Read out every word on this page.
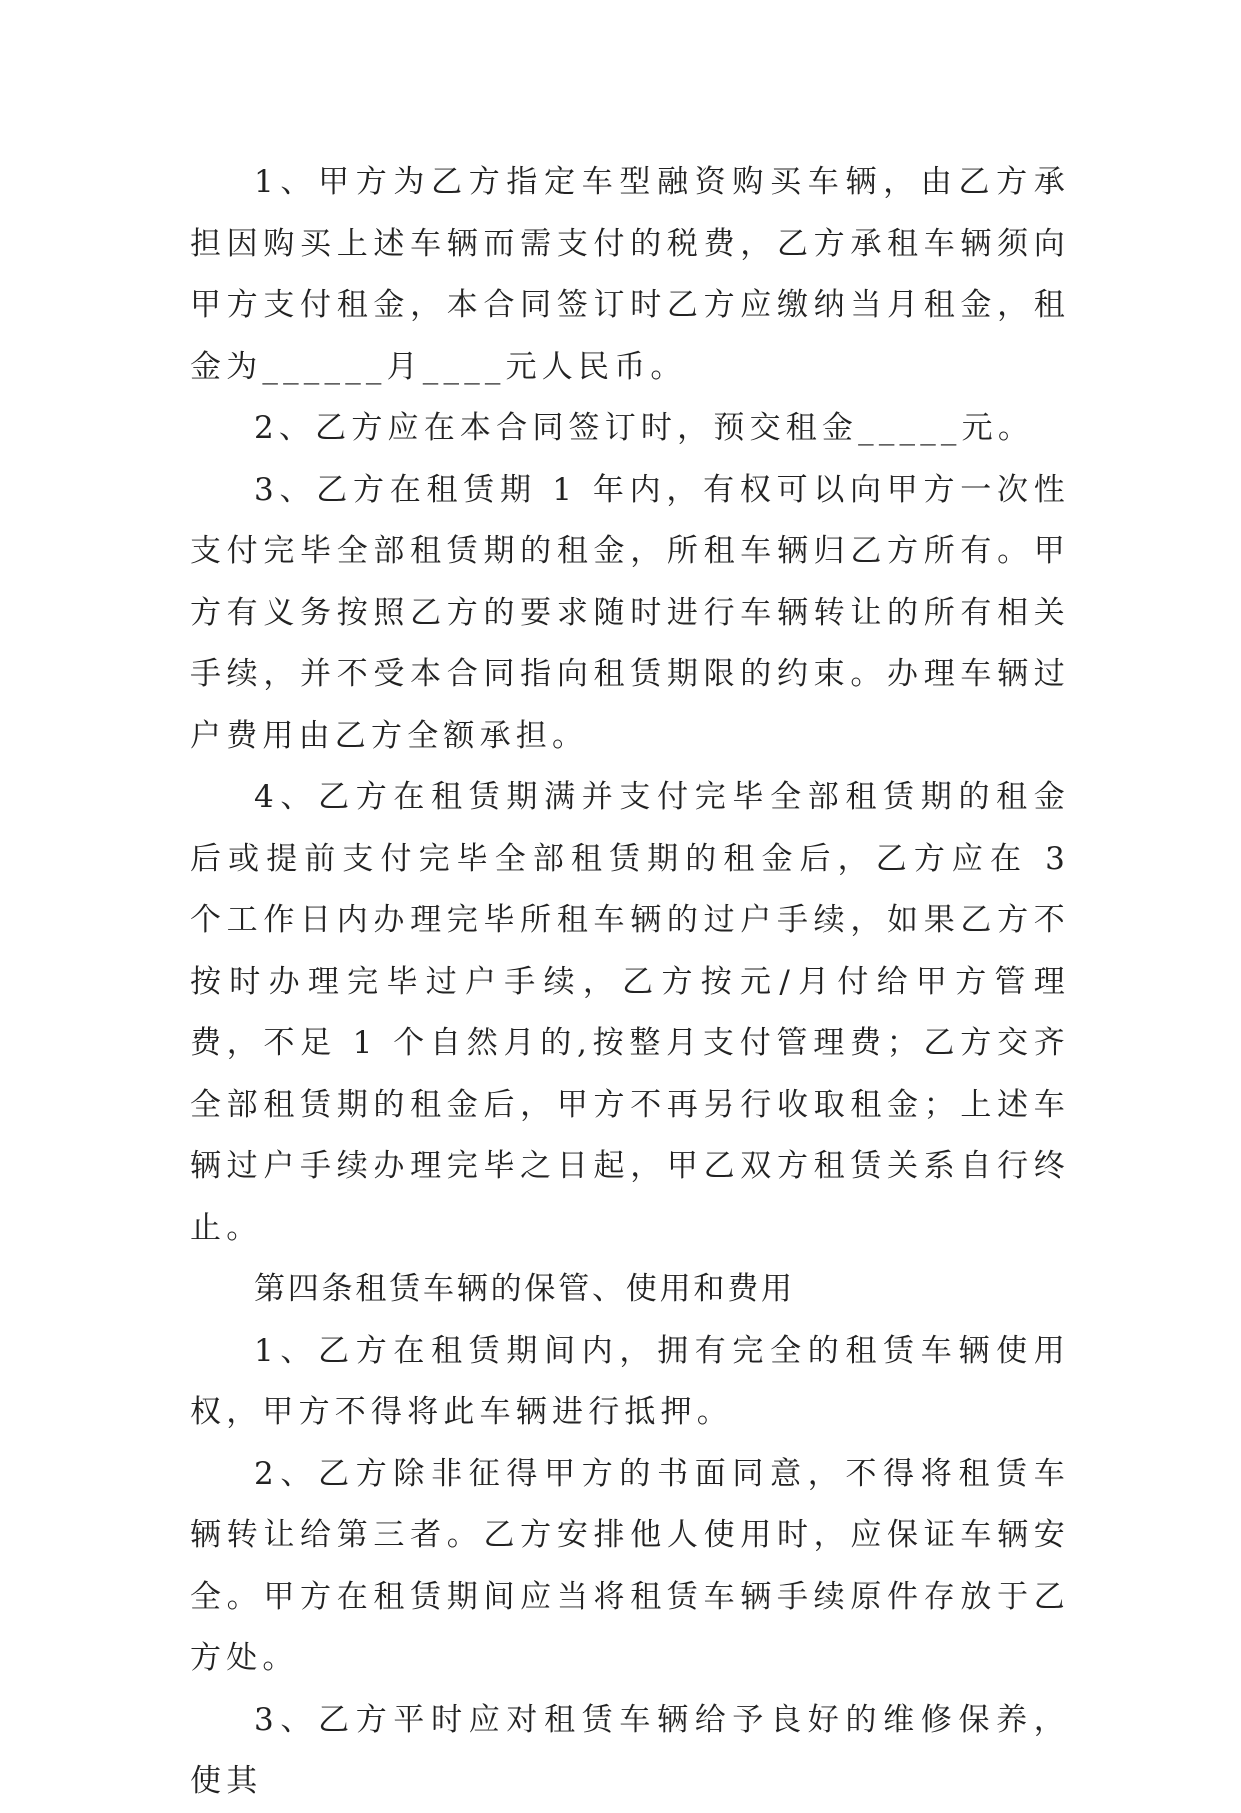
1、甲方为乙方指定车型融资购买车辆，由乙方承担因购买上述车辆而需支付的税费，乙方承租车辆须向甲方支付租金，本合同签订时乙方应缴纳当月租金，租金为______月____元人民币。

2、乙方应在本合同签订时，预交租金_____元。

3、乙方在租赁期 1 年内，有权可以向甲方一次性支付完毕全部租赁期的租金，所租车辆归乙方所有。甲方有义务按照乙方的要求随时进行车辆转让的所有相关手续，并不受本合同指向租赁期限的约束。办理车辆过户费用由乙方全额承担。

4、乙方在租赁期满并支付完毕全部租赁期的租金后或提前支付完毕全部租赁期的租金后，乙方应在 3 个工作日内办理完毕所租车辆的过户手续，如果乙方不按时办理完毕过户手续，乙方按元/月付给甲方管理费，不足 1 个自然月的,按整月支付管理费；乙方交齐全部租赁期的租金后，甲方不再另行收取租金；上述车辆过户手续办理完毕之日起，甲乙双方租赁关系自行终止。

第四条租赁车辆的保管、使用和费用

1、乙方在租赁期间内，拥有完全的租赁车辆使用权，甲方不得将此车辆进行抵押。

2、乙方除非征得甲方的书面同意，不得将租赁车辆转让给第三者。乙方安排他人使用时，应保证车辆安全。甲方在租赁期间应当将租赁车辆手续原件存放于乙方处。

3、乙方平时应对租赁车辆给予良好的维修保养，使其
